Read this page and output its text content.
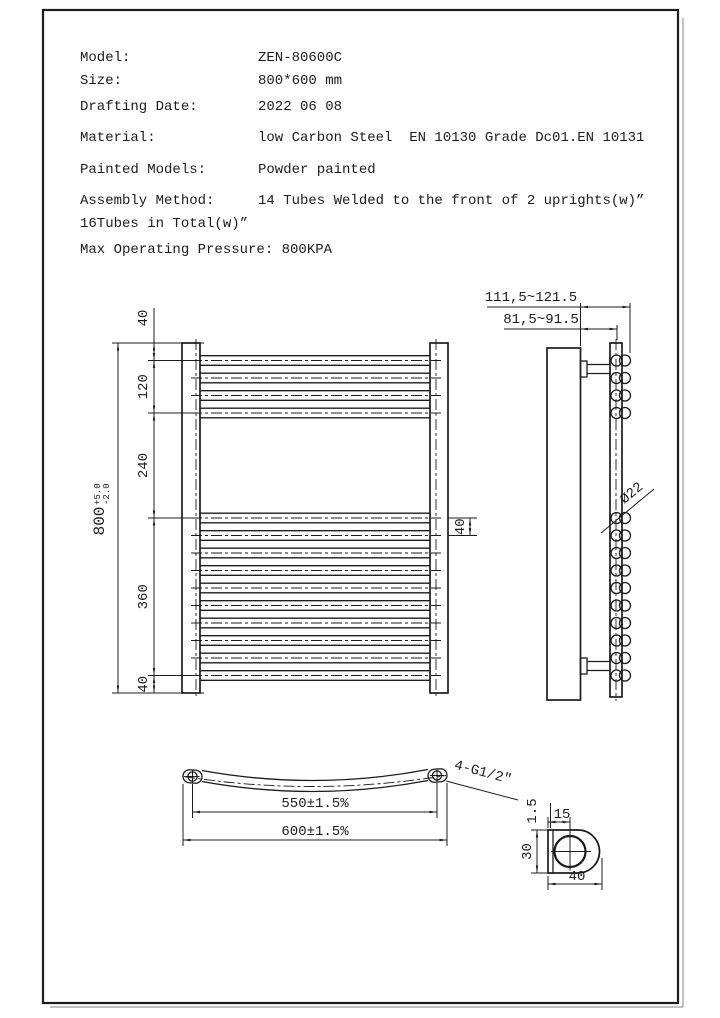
Model:	ZEN-80600C
Size:	800*600 mm
Drafting Date:	2022 06 08
Material:	low Carbon Steel  EN 10130 Grade Dc01.EN 10131
Painted Models:	Powder painted
Assembly Method:	14 Tubes Welded to the front of 2 uprights(w)”
16Tubes in Total(w)”
Max Operating Pressure: 800KPA
40
120
240
360
40
800
+5.0 -2.0
40
111,5~121.5
81,5~91.5
Ø22
4-G1/2"
550±1.5%
600±1.5%
30
40
15
1.5
